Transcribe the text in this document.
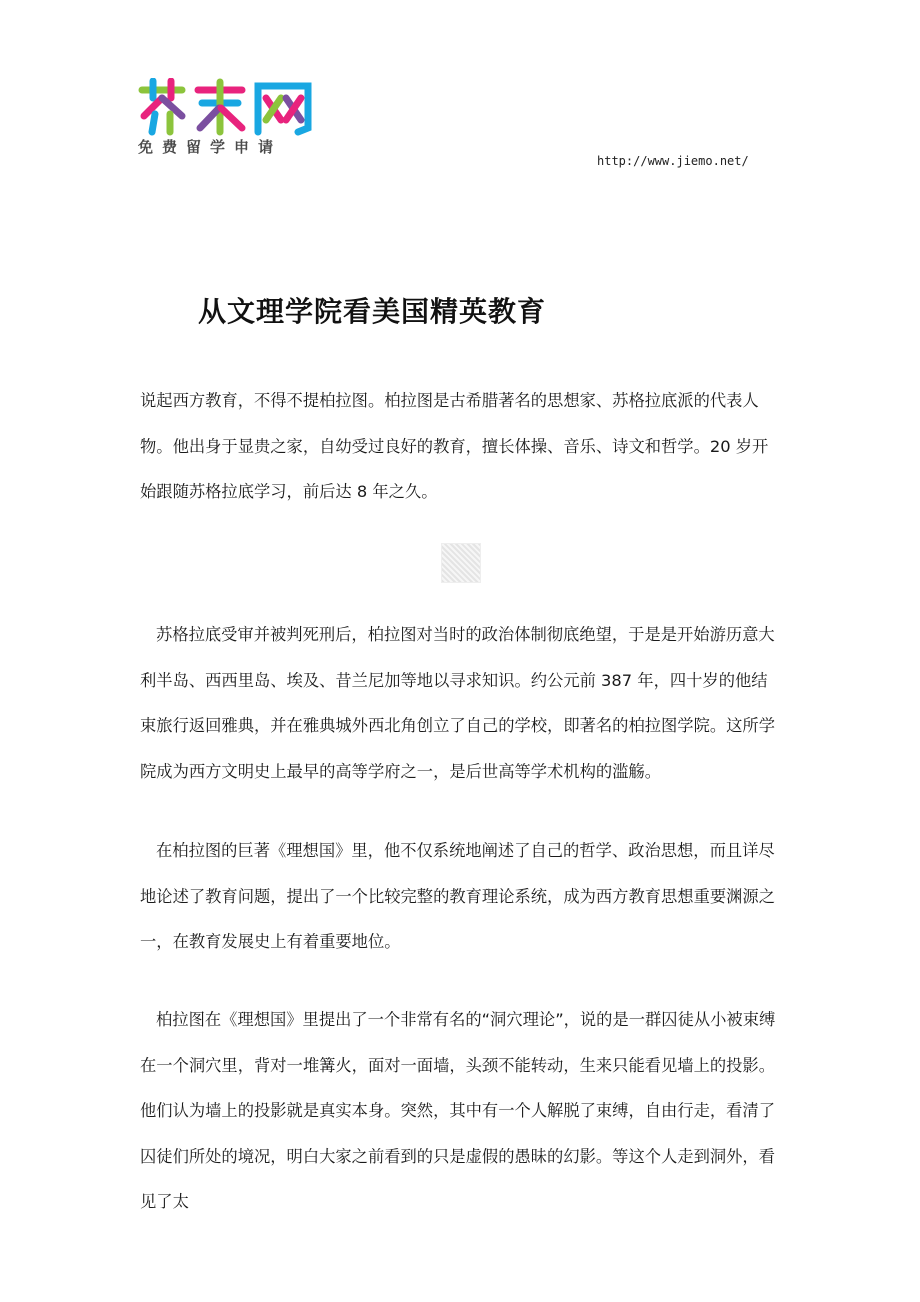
免费留学申请
http://www.jiemo.net/
从文理学院看美国精英教育

说起西方教育，不得不提柏拉图。柏拉图是古希腊著名的思想家、苏格拉底派的代表人物。他出身于显贵之家，自幼受过良好的教育，擅长体操、音乐、诗文和哲学。20 岁开始跟随苏格拉底学习，前后达 8 年之久。

苏格拉底受审并被判死刑后，柏拉图对当时的政治体制彻底绝望，于是是开始游历意大利半岛、西西里岛、埃及、昔兰尼加等地以寻求知识。约公元前 387 年，四十岁的他结束旅行返回雅典，并在雅典城外西北角创立了自己的学校，即著名的柏拉图学院。这所学院成为西方文明史上最早的高等学府之一，是后世高等学术机构的滥觞。

在柏拉图的巨著《理想国》里，他不仅系统地阐述了自己的哲学、政治思想，而且详尽地论述了教育问题，提出了一个比较完整的教育理论系统，成为西方教育思想重要渊源之一，在教育发展史上有着重要地位。

柏拉图在《理想国》里提出了一个非常有名的“洞穴理论”，说的是一群囚徒从小被束缚在一个洞穴里，背对一堆篝火，面对一面墙，头颈不能转动，生来只能看见墙上的投影。他们认为墙上的投影就是真实本身。突然，其中有一个人解脱了束缚，自由行走，看清了囚徒们所处的境况，明白大家之前看到的只是虚假的愚昧的幻影。等这个人走到洞外，看见了太
